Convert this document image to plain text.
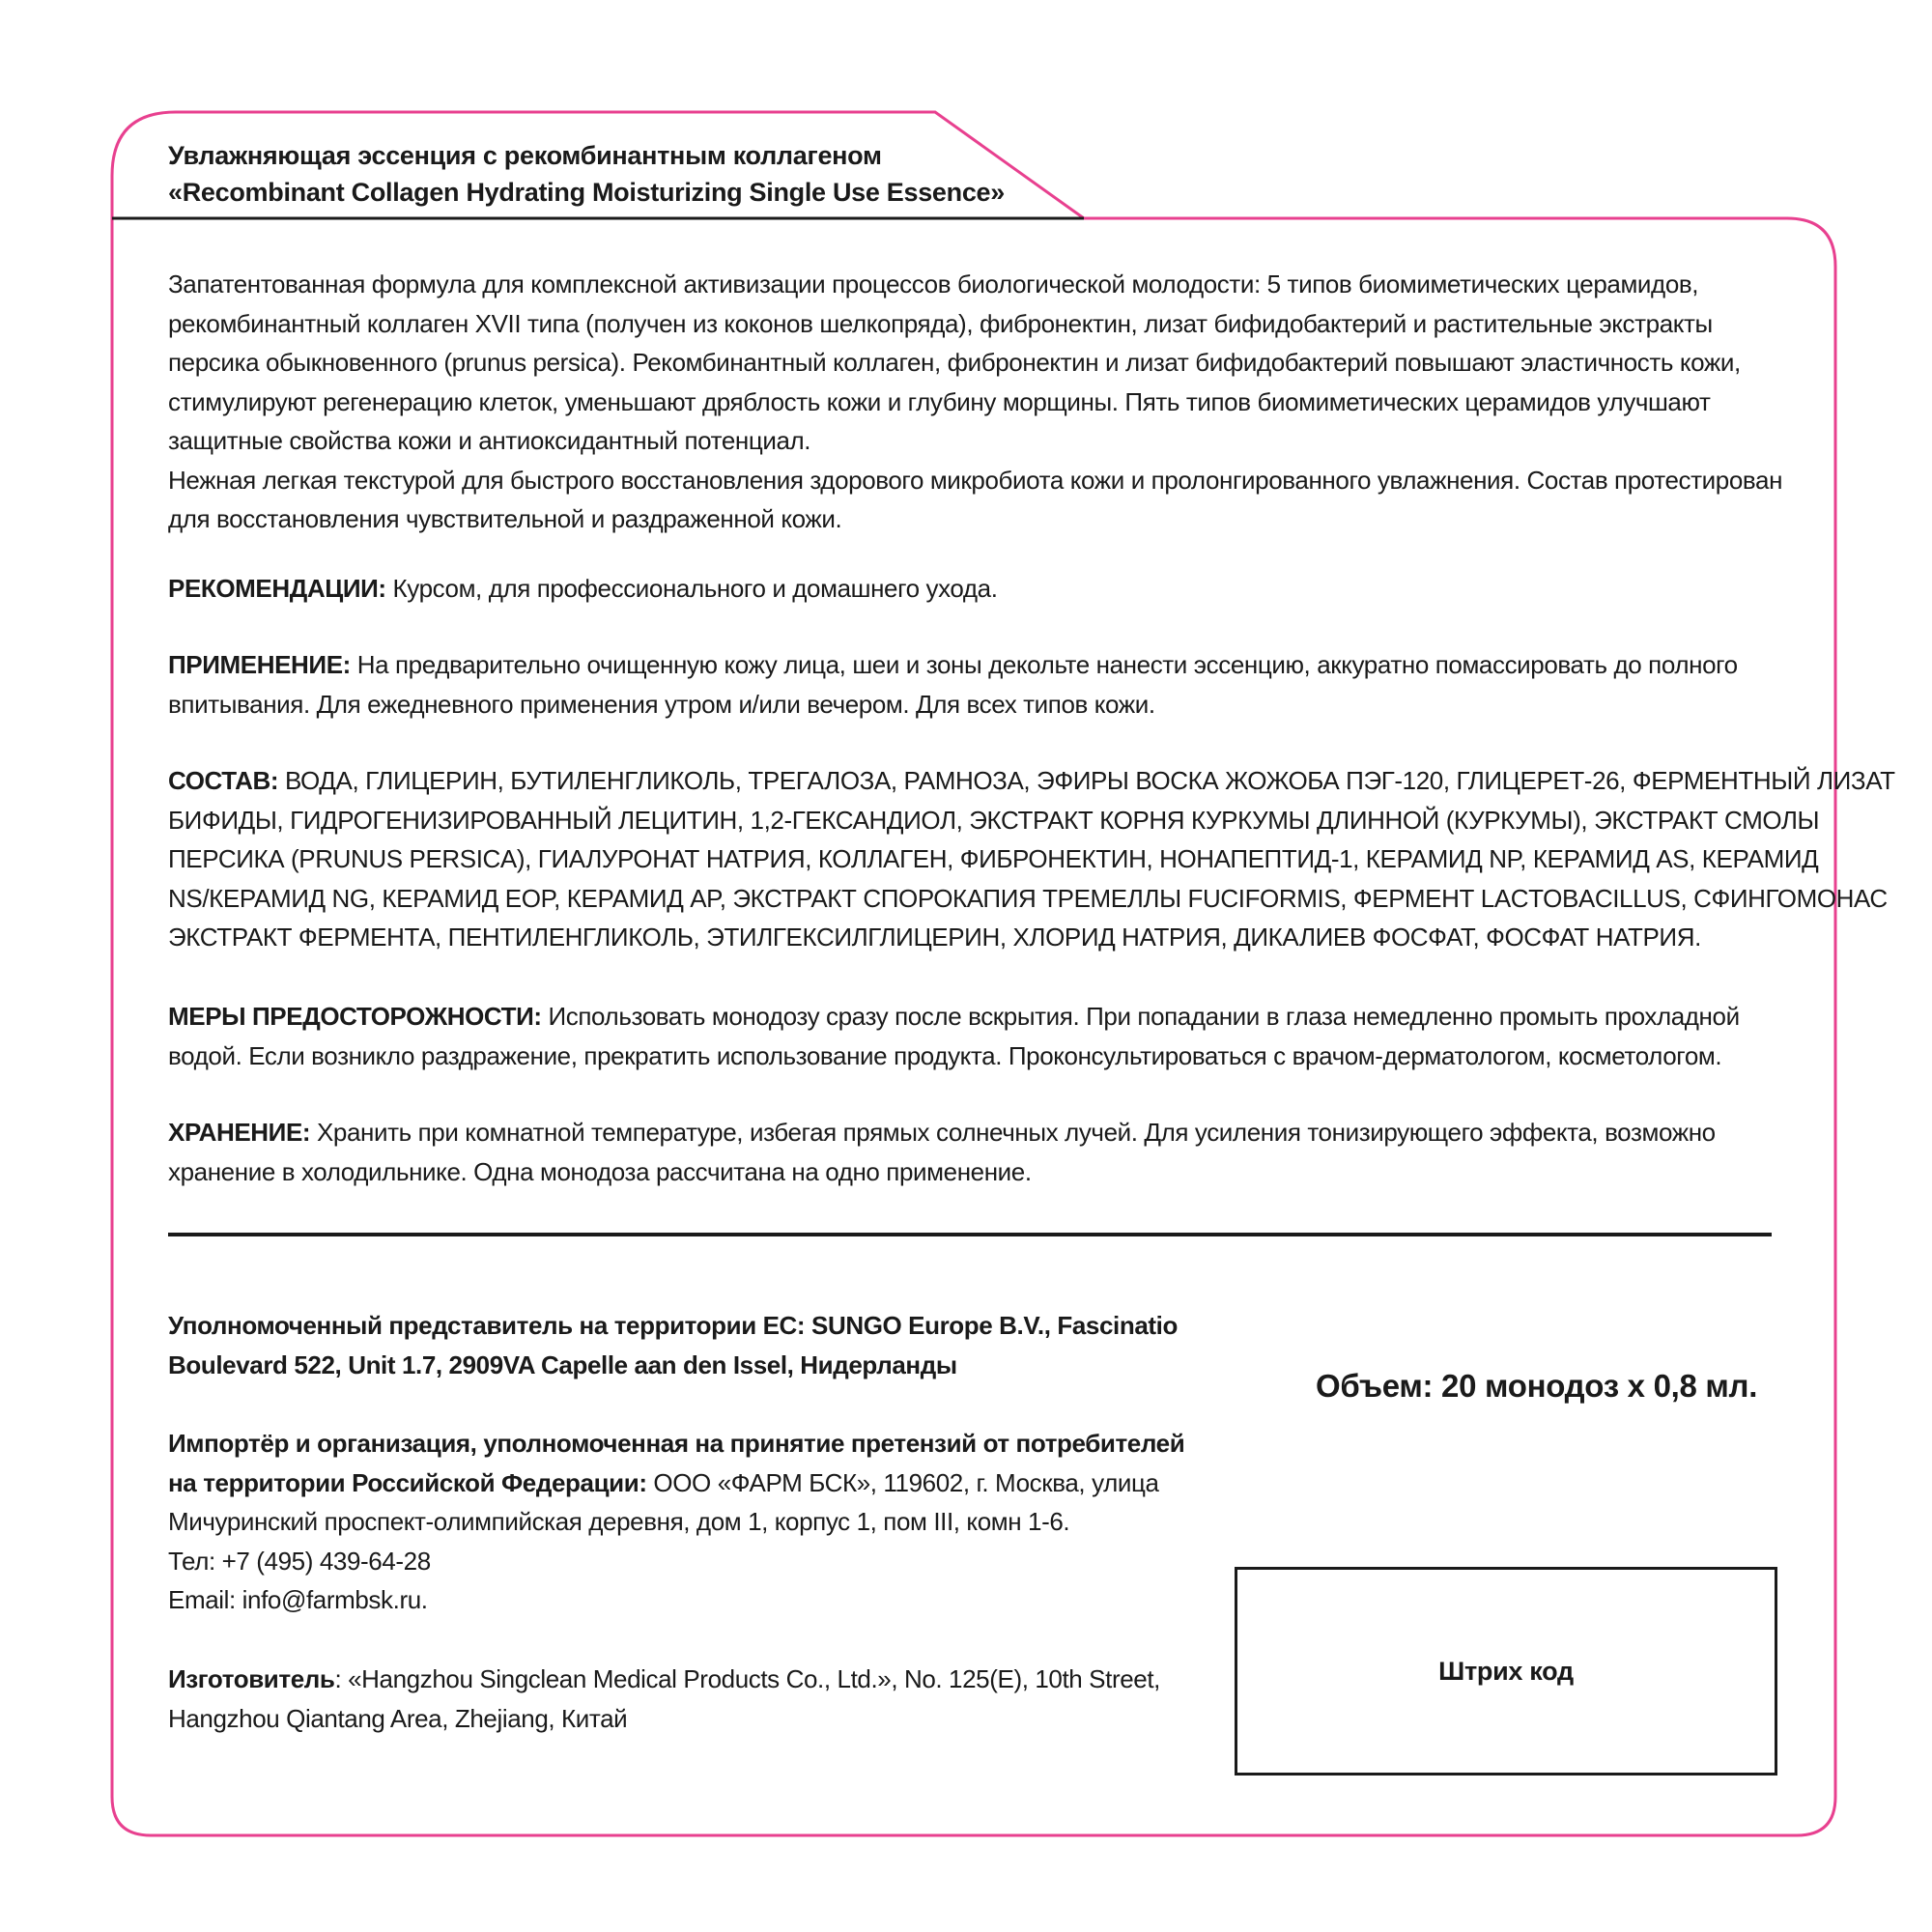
Увлажняющая эссенция с рекомбинантным коллагеном
«Recombinant Collagen Hydrating Moisturizing Single Use Essence»
Запатентованная формула для комплексной активизации процессов биологической молодости: 5 типов биомиметических церамидов,
рекомбинантный коллаген XVII типа (получен из коконов шелкопряда), фибронектин, лизат бифидобактерий и растительные экстракты
персика обыкновенного (prunus persica). Рекомбинантный коллаген, фибронектин и лизат бифидобактерий повышают эластичность кожи,
стимулируют регенерацию клеток, уменьшают дряблость кожи и глубину морщины. Пять типов биомиметических церамидов улучшают
защитные свойства кожи и антиоксидантный потенциал.
Нежная легкая текстурой для быстрого восстановления здорового микробиота кожи и пролонгированного увлажнения. Состав протестирован
для восстановления чувствительной и раздраженной кожи.
РЕКОМЕНДАЦИИ: Курсом, для профессионального и домашнего ухода.
ПРИМЕНЕНИЕ: На предварительно очищенную кожу лица, шеи и зоны декольте нанести эссенцию, аккуратно помассировать до полного
впитывания. Для ежедневного применения утром и/или вечером. Для всех типов кожи.
СОСТАВ: ВОДА, ГЛИЦЕРИН, БУТИЛЕНГЛИКОЛЬ, ТРЕГАЛОЗА, РАМНОЗА, ЭФИРЫ ВОСКА ЖОЖОБА ПЭГ-120, ГЛИЦЕРЕТ-26, ФЕРМЕНТНЫЙ ЛИЗАТ
БИФИДЫ, ГИДРОГЕНИЗИРОВАННЫЙ ЛЕЦИТИН, 1,2-ГЕКСАНДИОЛ, ЭКСТРАКТ КОРНЯ КУРКУМЫ ДЛИННОЙ (КУРКУМЫ), ЭКСТРАКТ СМОЛЫ
ПЕРСИКА (PRUNUS PERSICA), ГИАЛУРОНАТ НАТРИЯ, КОЛЛАГЕН, ФИБРОНЕКТИН, НОНАПЕПТИД-1, КЕРАМИД NP, КЕРАМИД AS, КЕРАМИД
NS/КЕРАМИД NG, КЕРАМИД EOP, КЕРАМИД AP, ЭКСТРАКТ СПОРОКАПИЯ ТРЕМЕЛЛЫ FUCIFORMIS, ФЕРМЕНТ LACTOBACILLUS, СФИНГОМОНАС
ЭКСТРАКТ ФЕРМЕНТА, ПЕНТИЛЕНГЛИКОЛЬ, ЭТИЛГЕКСИЛГЛИЦЕРИН, ХЛОРИД НАТРИЯ, ДИКАЛИЕВ ФОСФАТ, ФОСФАТ НАТРИЯ.
МЕРЫ ПРЕДОСТОРОЖНОСТИ: Использовать монодозу сразу после вскрытия. При попадании в глаза немедленно промыть прохладной
водой. Если возникло раздражение, прекратить использование продукта. Проконсультироваться с врачом-дерматологом, косметологом.
ХРАНЕНИЕ: Хранить при комнатной температуре, избегая прямых солнечных лучей. Для усиления тонизирующего эффекта, возможно
хранение в холодильнике. Одна монодоза рассчитана на одно применение.
Уполномоченный представитель на территории ЕС: SUNGO Europe B.V., Fascinatio
Boulevard 522, Unit 1.7, 2909VA Capelle aan den Issel, Нидерланды
Импортёр и организация, уполномоченная на принятие претензий от потребителей
на территории Российской Федерации: ООО «ФАРМ БСК», 119602, г. Москва, улица
Мичуринский проспект-олимпийская деревня, дом 1, корпус 1, пом III, комн 1-6.
Тел: +7 (495) 439-64-28
Email: info@farmbsk.ru.
Изготовитель: «Hangzhou Singclean Medical Products Co., Ltd.», No. 125(E), 10th Street,
Hangzhou Qiantang Area, Zhejiang, Китай
Объем: 20 монодоз х 0,8 мл.
Штрих код
